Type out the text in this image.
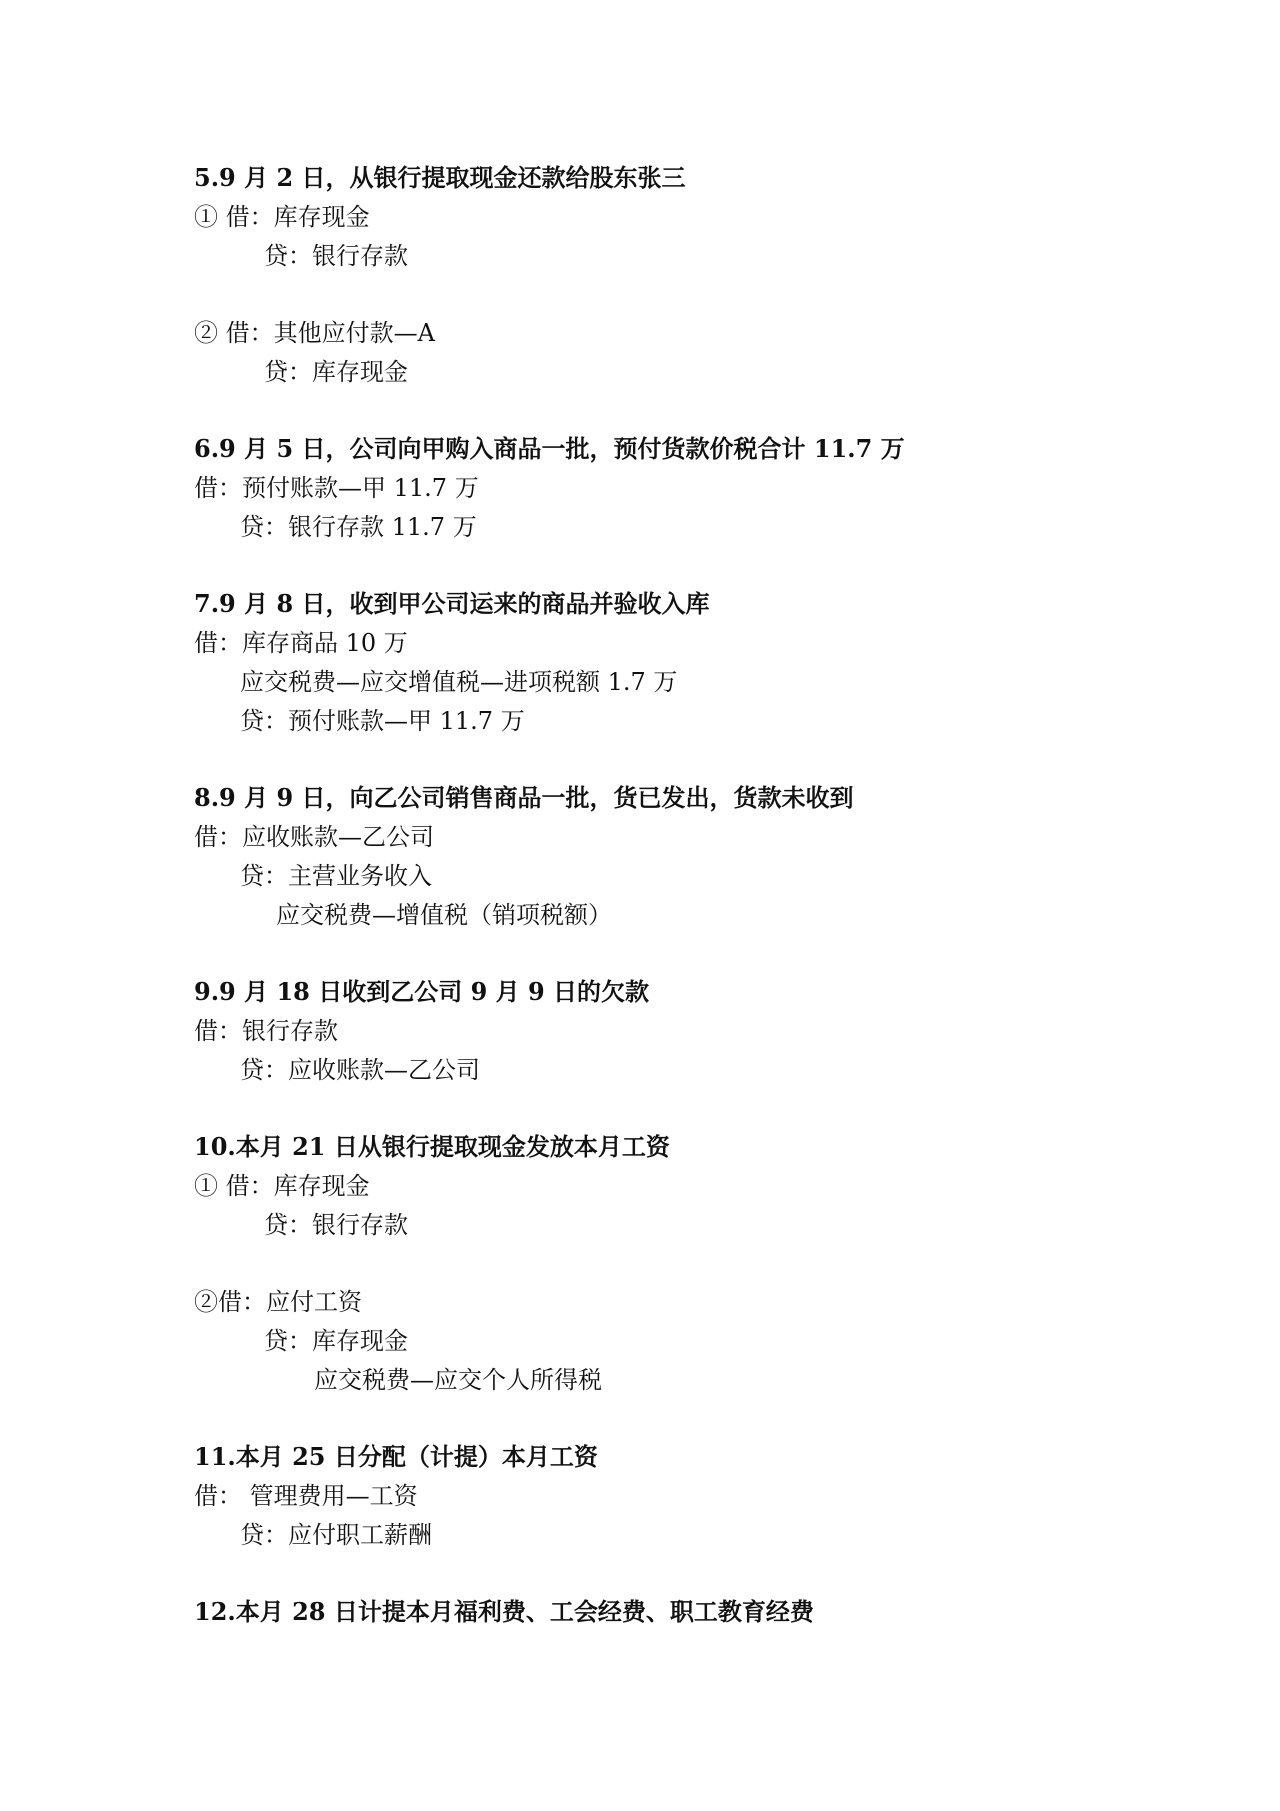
5.9 月 2 日，从银行提取现金还款给股东张三
① 借：库存现金
贷：银行存款
② 借：其他应付款—A
贷：库存现金
6.9 月 5 日，公司向甲购入商品一批，预付货款价税合计 11.7 万
借：预付账款—甲 11.7 万
贷：银行存款 11.7 万
7.9 月 8 日，收到甲公司运来的商品并验收入库
借：库存商品 10 万
应交税费—应交增值税—进项税额 1.7 万
贷：预付账款—甲 11.7 万
8.9 月 9 日，向乙公司销售商品一批，货已发出，货款未收到
借：应收账款—乙公司
贷：主营业务收入
应交税费—增值税（销项税额）
9.9 月 18 日收到乙公司 9 月 9 日的欠款
借：银行存款
贷：应收账款—乙公司
10.本月 21 日从银行提取现金发放本月工资
① 借：库存现金
贷：银行存款
②借：应付工资
贷：库存现金
应交税费—应交个人所得税
11.本月 25 日分配（计提）本月工资
借： 管理费用—工资
贷：应付职工薪酬
12.本月 28 日计提本月福利费、工会经费、职工教育经费
